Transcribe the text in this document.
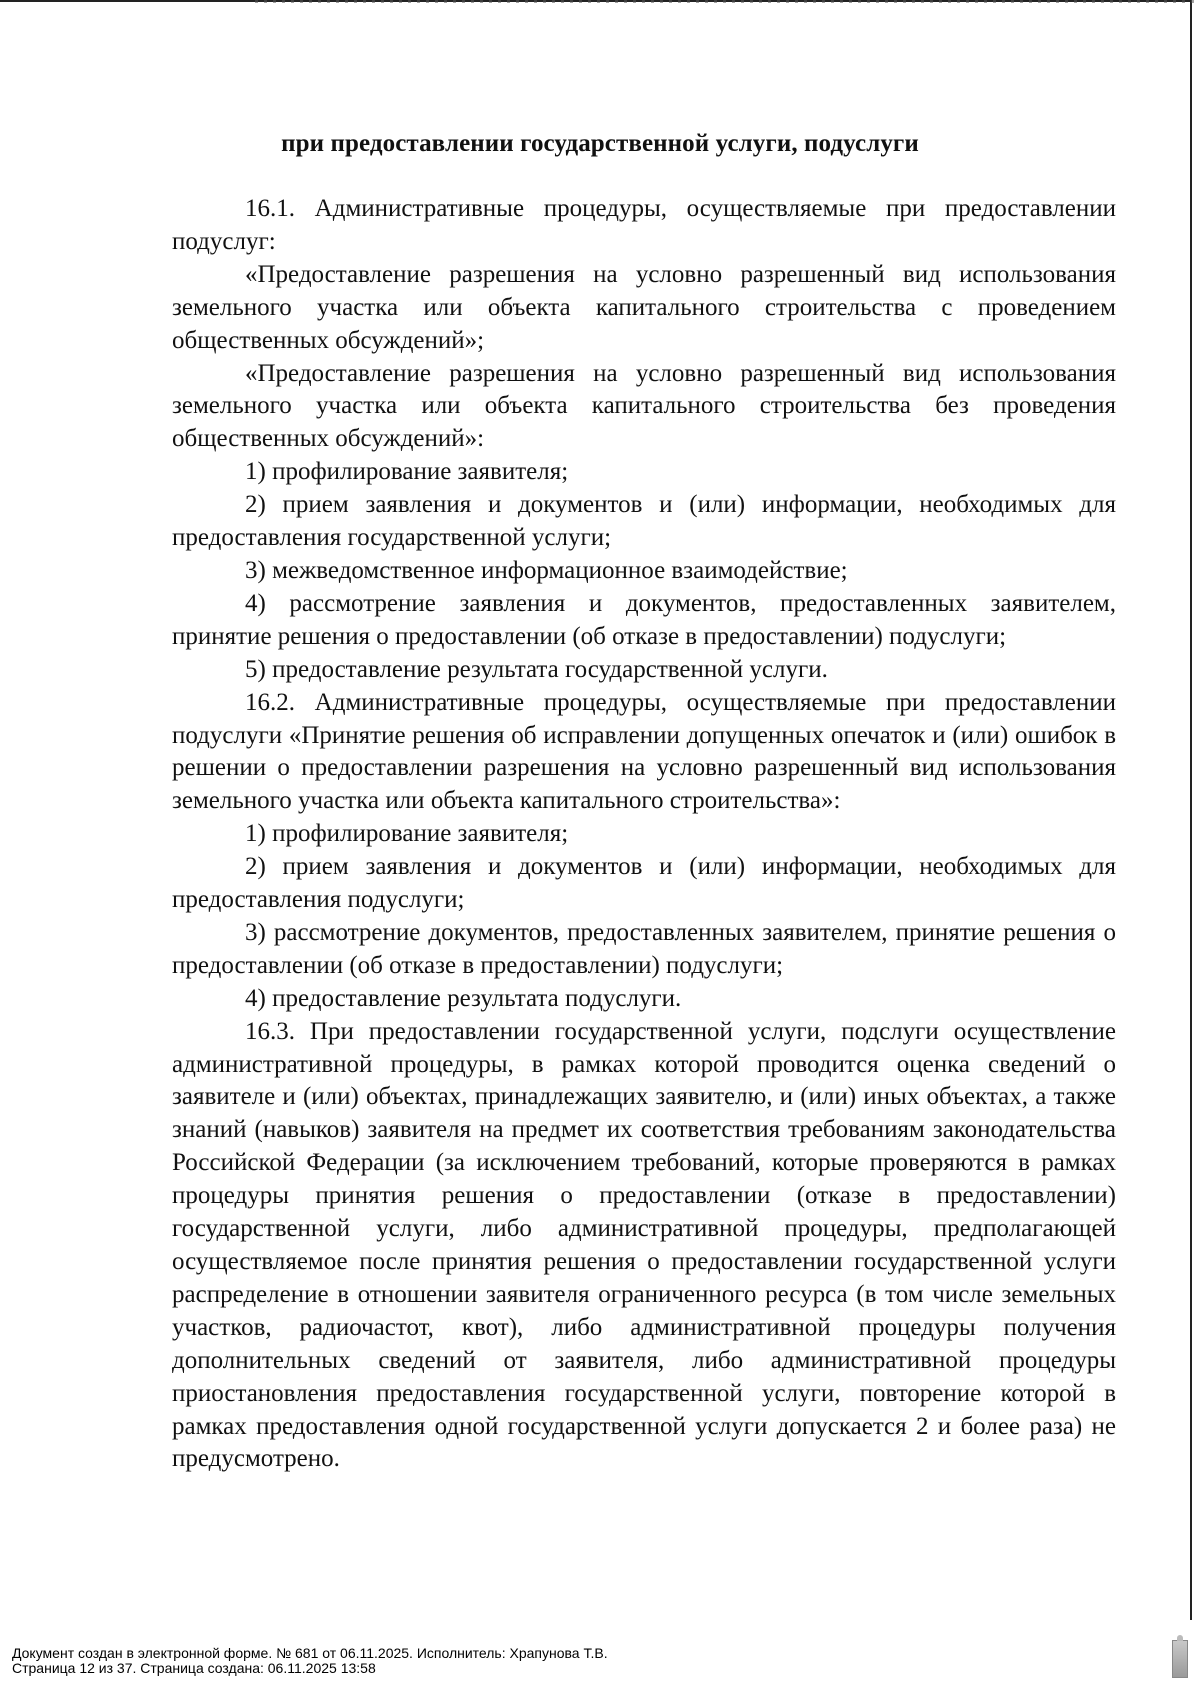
при предоставлении государственной услуги, подуслуги

16.1. Административные процедуры, осуществляемые при предоставлении подуслуг:

«Предоставление разрешения на условно разрешенный вид использования земельного участка или объекта капитального строительства с проведением общественных обсуждений»;

«Предоставление разрешения на условно разрешенный вид использования земельного участка или объекта капитального строительства без проведения общественных обсуждений»:

1) профилирование заявителя;

2) прием заявления и документов и (или) информации, необходимых для предоставления государственной услуги;

3) межведомственное информационное взаимодействие;

4) рассмотрение заявления и документов, предоставленных заявителем, принятие решения о предоставлении (об отказе в предоставлении) подуслуги;

5) предоставление результата государственной услуги.

16.2. Административные процедуры, осуществляемые при предоставлении подуслуги «Принятие решения об исправлении допущенных опечаток и (или) ошибок в решении о предоставлении разрешения на условно разрешенный вид использования земельного участка или объекта капитального строительства»:

1) профилирование заявителя;

2) прием заявления и документов и (или) информации, необходимых для предоставления подуслуги;

3) рассмотрение документов, предоставленных заявителем, принятие решения о предоставлении (об отказе в предоставлении) подуслуги;

4) предоставление результата подуслуги.

16.3. При предоставлении государственной услуги, подслуги осуществление административной процедуры, в рамках которой проводится оценка сведений о заявителе и (или) объектах, принадлежащих заявителю, и (или) иных объектах, а также знаний (навыков) заявителя на предмет их соответствия требованиям законодательства Российской Федерации (за исключением требований, которые проверяются в рамках процедуры принятия решения о предоставлении (отказе в предоставлении) государственной услуги, либо административной процедуры, предполагающей осуществляемое после принятия решения о предоставлении государственной услуги распределение в отношении заявителя ограниченного ресурса (в том числе земельных участков, радиочастот, квот), либо административной процедуры получения дополнительных сведений от заявителя, либо административной процедуры приостановления предоставления государственной услуги, повторение которой в рамках предоставления одной государственной услуги допускается 2 и более раза) не предусмотрено.

Документ создан в электронной форме. № 681 от 06.11.2025. Исполнитель: Храпунова Т.В.
Страница 12 из 37. Страница создана: 06.11.2025 13:58
